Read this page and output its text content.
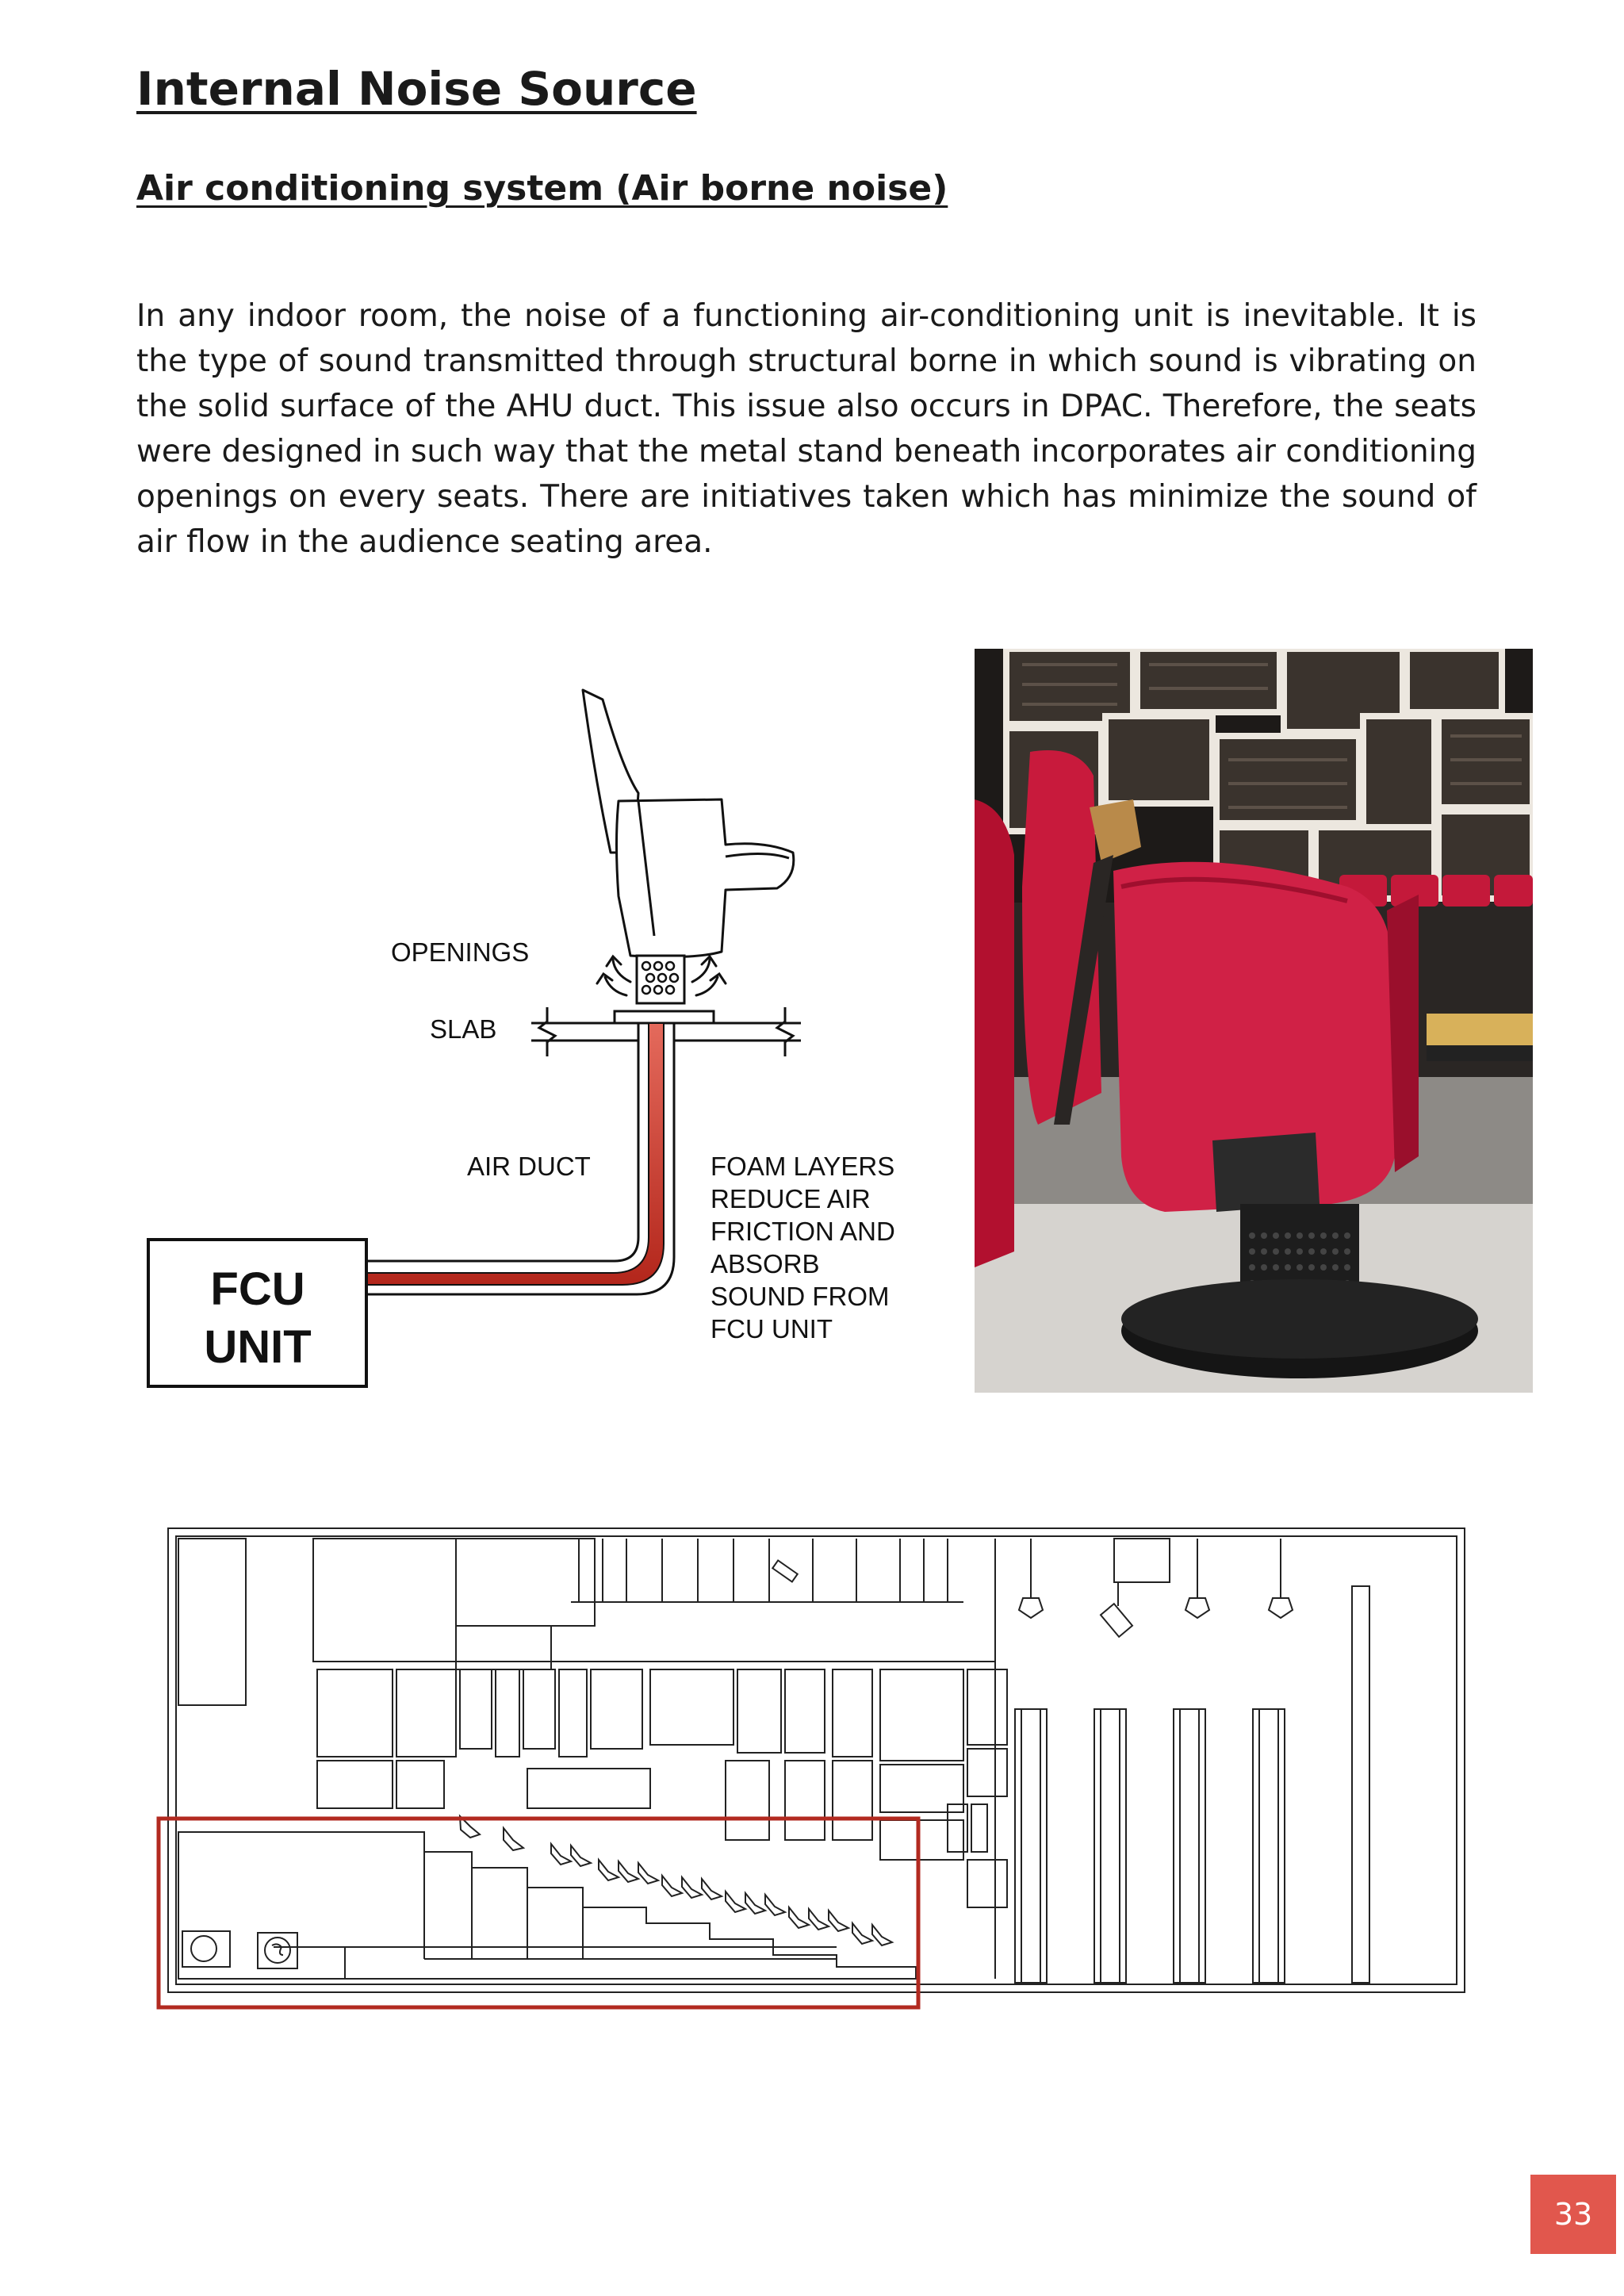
Internal Noise Source
Air conditioning system (Air borne noise)

In any indoor room, the noise of a functioning air-conditioning unit is inevitable. It is the type of sound transmitted through structural borne in which sound is vibrating on the solid surface of the AHU duct. This issue also occurs in DPAC. Therefore, the seats were designed in such way that the metal stand beneath incorporates air conditioning openings on every seats. There are initiatives taken which has minimize the sound of air flow in the audience seating area.

FCU
UNIT
OPENINGS
SLAB
AIR DUCT	FOAM LAYERS
REDUCE AIR
FRICTION AND
ABSORB
SOUND FROM
FCU UNIT
33
